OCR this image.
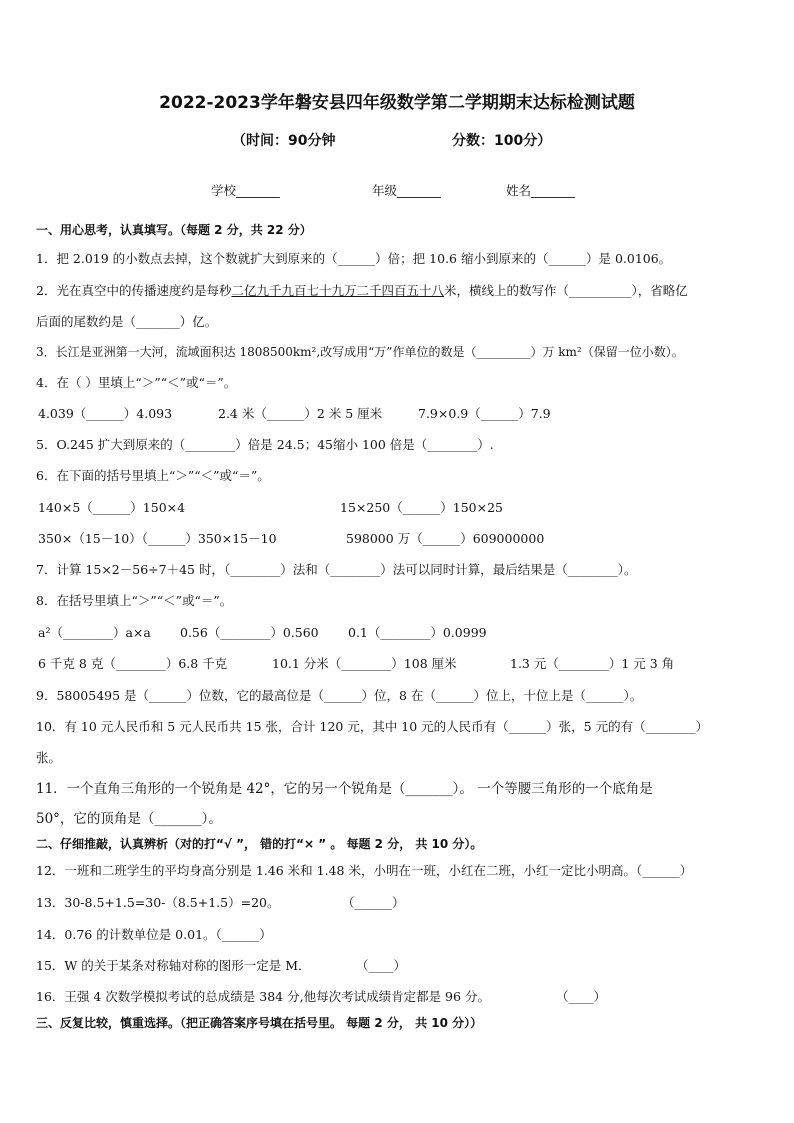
2022-2023学年磐安县四年级数学第二学期期末达标检测试题
（时间：90分钟	分数：100分）
学校_______	年级_______	姓名_______
一、用心思考，认真填写。（每题 2 分，共 22 分）
1．把 2.019 的小数点去掉，这个数就扩大到原来的（______）倍；把 10.6 缩小到原来的（______）是 0.0106。
2．光在真空中的传播速度约是每秒二亿九千九百七十九万二千四百五十八米，横线上的数写作（__________），省略亿
后面的尾数约是（_______）亿。
3．长江是亚洲第一大河，流域面积达 1808500km²,改写成用“万”作单位的数是（_________）万 km²（保留一位小数）。
4．在（ ）里填上“＞”“＜”或“＝”。
4.039（______）4.093	2.4 米（______）2 米 5 厘米	7.9×0.9（______）7.9
5．O.245 扩大到原来的（________）倍是 24.5；45缩小 100 倍是（________）.
6．在下面的括号里填上“＞”“＜”或“＝”。
140×5（______）150×4	15×250（______）150×25
350×（15－10）（______）350×15－10	598000 万（______）609000000
7．计算 15×2－56÷7＋45 时，（________）法和（________）法可以同时计算，最后结果是（________）。
8．在括号里填上“＞”“＜”或“＝”。
a²（________）a×a 0.56（________）0.560 0.1（________）0.0999
6 千克 8 克（________）6.8 千克	10.1 分米（________）108 厘米	1.3 元（________）1 元 3 角
9．58005495 是（______）位数，它的最高位是（______）位，8 在（______）位上，十位上是（______）。
10．有 10 元人民币和 5 元人民币共 15 张，合计 120 元，其中 10 元的人民币有（______）张，5 元的有（________）
张。
11．一个直角三角形的一个锐角是 42°，它的另一个锐角是（_______）。 一个等腰三角形的一个底角是
50°，它的顶角是（_______）。
二、仔细推敲，认真辨析（对的打“√ ”， 错的打“× ” 。 每题 2 分， 共 10 分）。
12．一班和二班学生的平均身高分别是 1.46 米和 1.48 米，小明在一班，小红在二班，小红一定比小明高。（______）
13．30-8.5+1.5=30-（8.5+1.5）=20。	（______）
14．0.76 的计数单位是 0.01。（______）
15．W 的关于某条对称轴对称的图形一定是 M．	（____）
16．王强 4 次数学模拟考试的总成绩是 384 分,他每次考试成绩肯定都是 96 分。	（____）
三、反复比较，慎重选择。（把正确答案序号填在括号里。 每题 2 分， 共 10 分））
